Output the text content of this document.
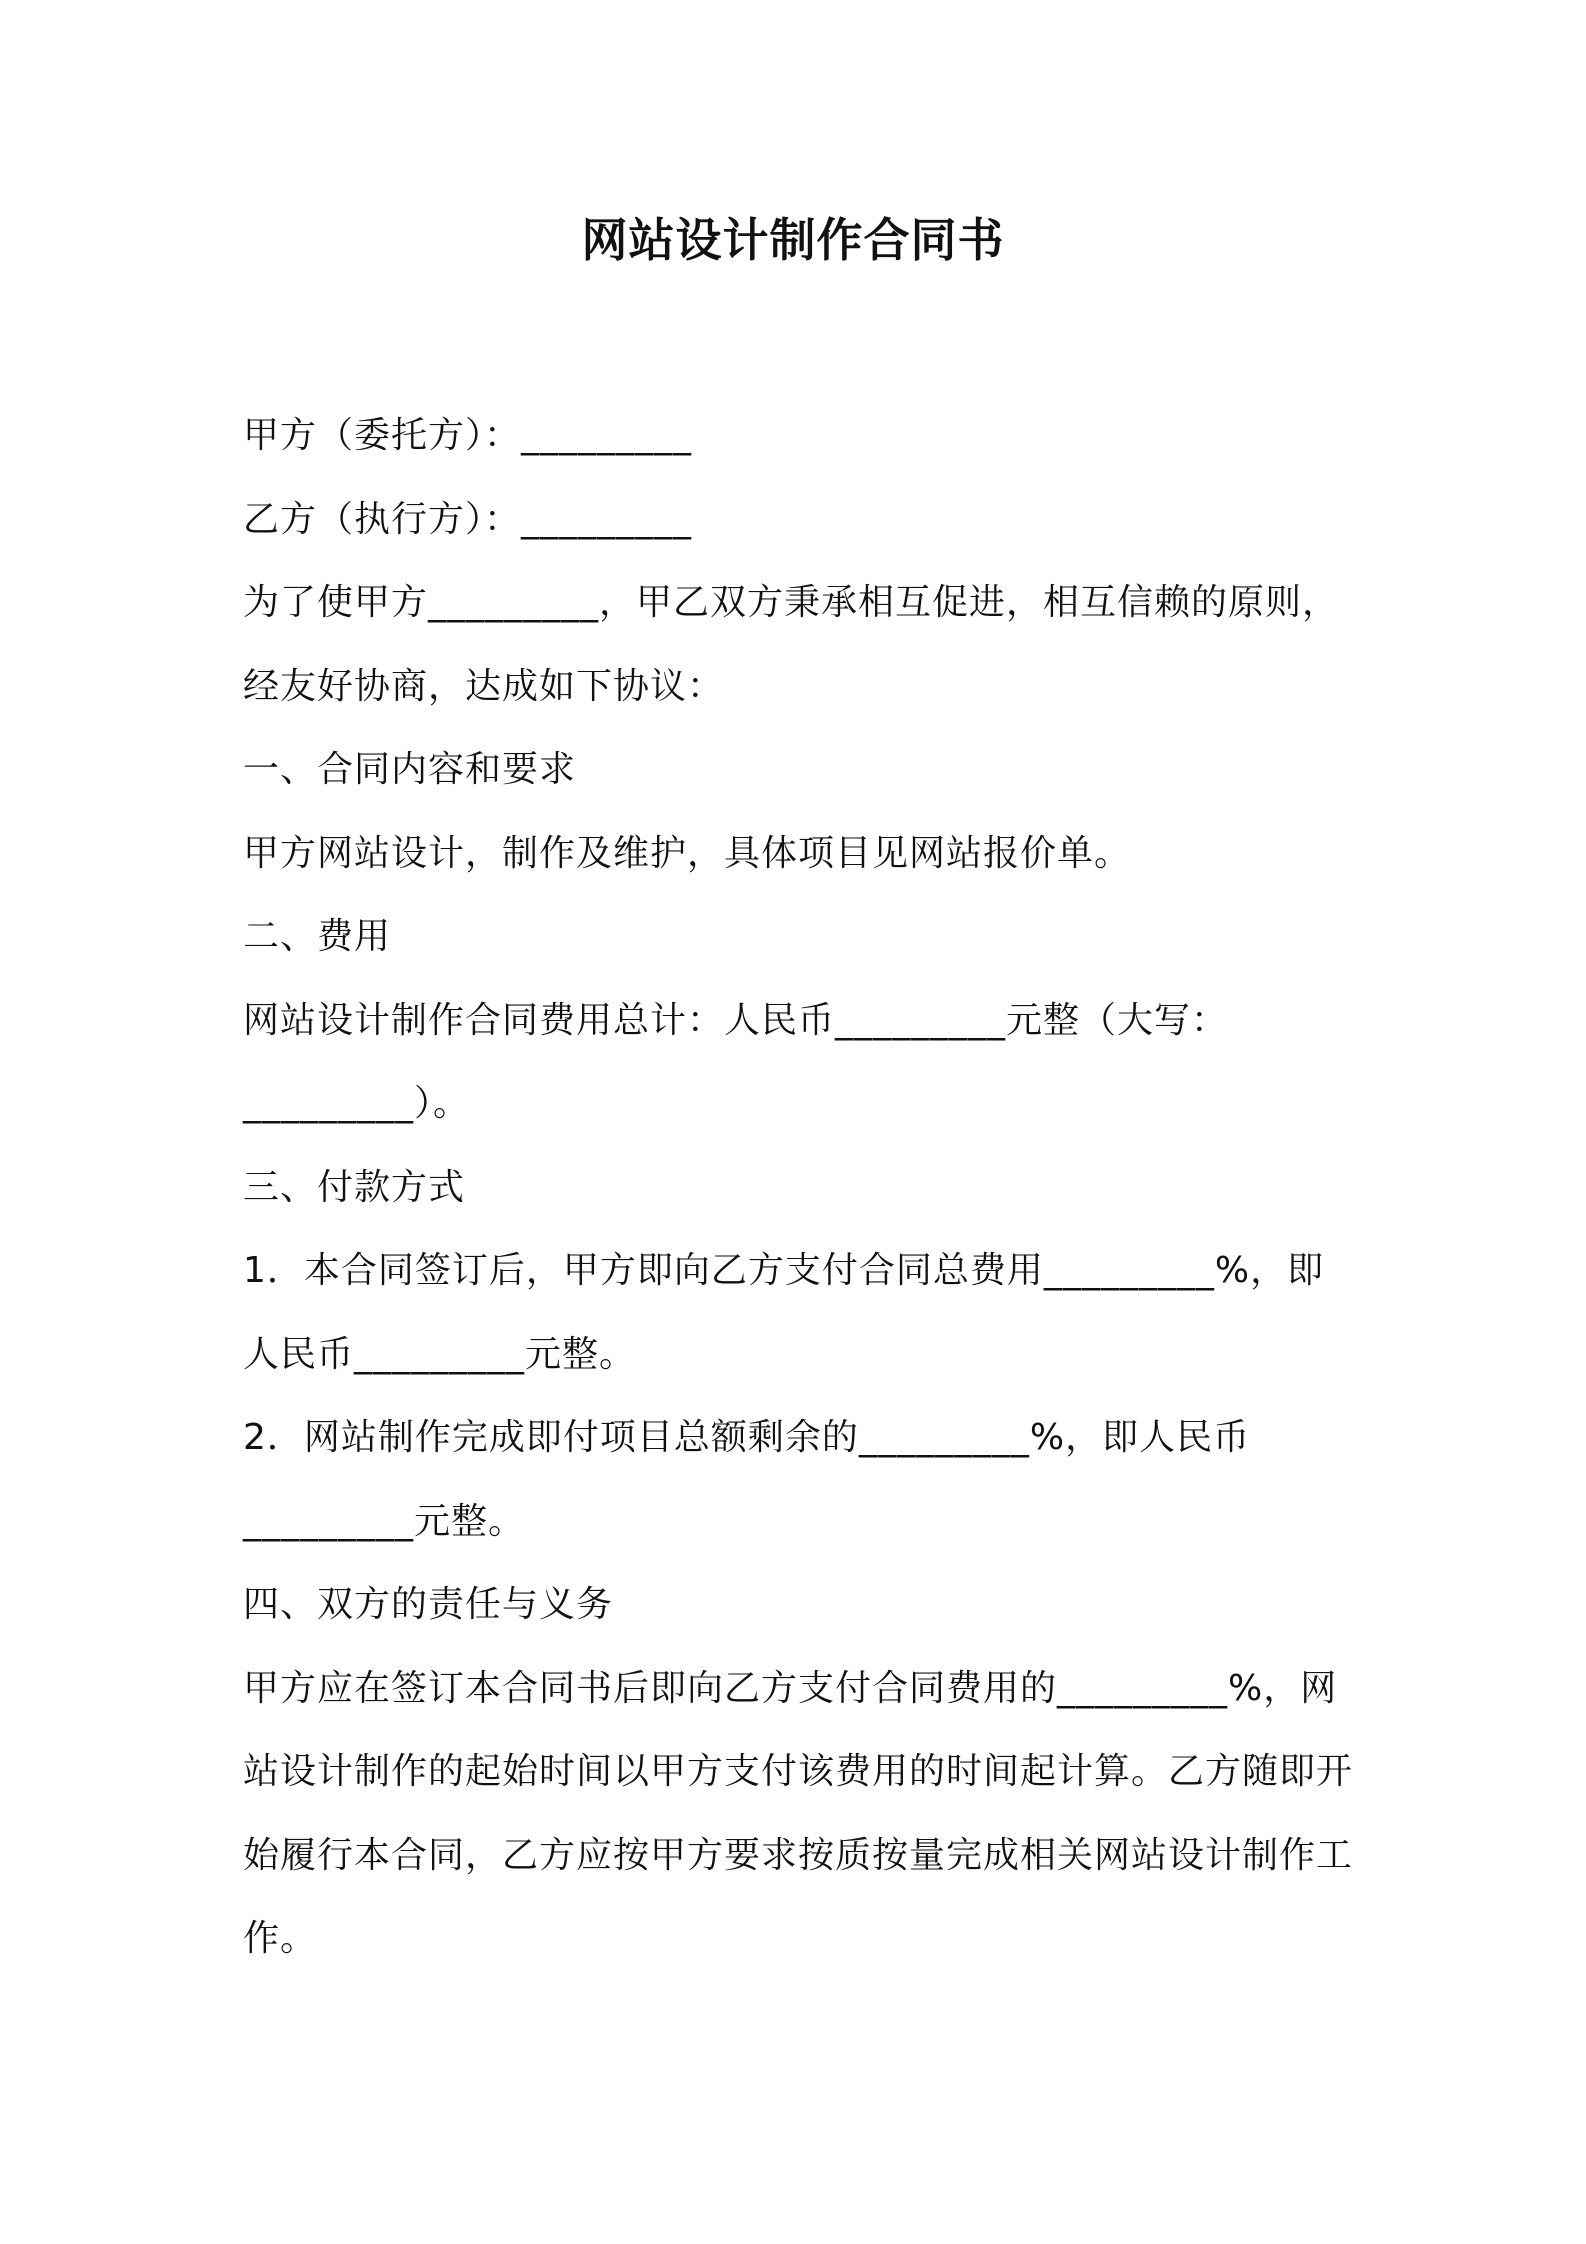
网站设计制作合同书
甲方（委托方）：_________
乙方（执行方）：_________
为了使甲方_________，甲乙双方秉承相互促进，相互信赖的原则，
经友好协商，达成如下协议：
一、合同内容和要求
甲方网站设计，制作及维护，具体项目见网站报价单。
二、费用
网站设计制作合同费用总计：人民币_________元整（大写：
_________）。
三、付款方式
1．本合同签订后，甲方即向乙方支付合同总费用_________%，即
人民币_________元整。
2．网站制作完成即付项目总额剩余的_________%，即人民币
_________元整。
四、双方的责任与义务
甲方应在签订本合同书后即向乙方支付合同费用的_________%，网
站设计制作的起始时间以甲方支付该费用的时间起计算。乙方随即开
始履行本合同，乙方应按甲方要求按质按量完成相关网站设计制作工
作。
